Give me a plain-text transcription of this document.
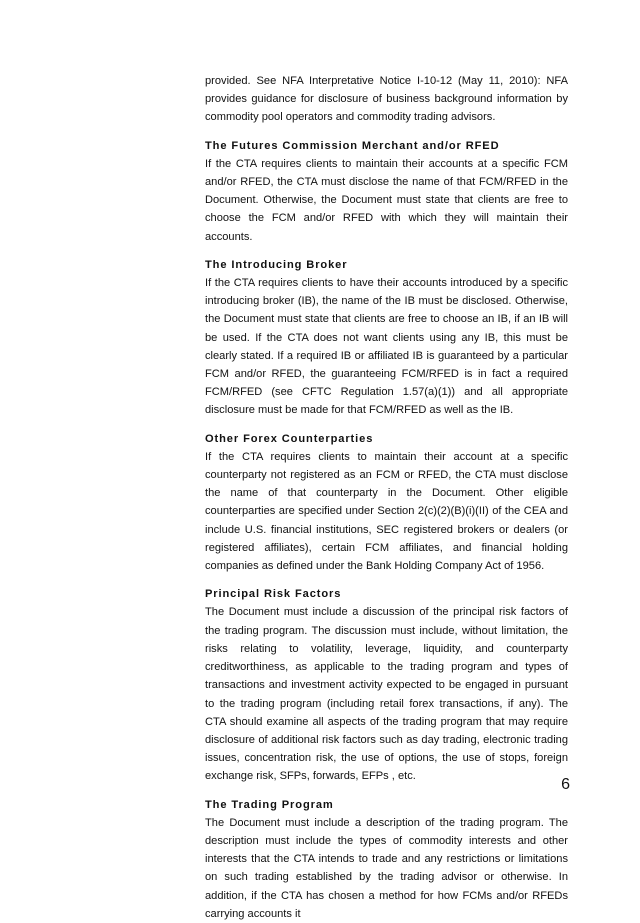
provided. See NFA Interpretative Notice I-10-12 (May 11, 2010): NFA provides guidance for disclosure of business background information by commodity pool operators and commodity trading advisors.

The Futures Commission Merchant and/or RFED

If the CTA requires clients to maintain their accounts at a specific FCM and/or RFED, the CTA must disclose the name of that FCM/RFED in the Document. Otherwise, the Document must state that clients are free to choose the FCM and/or RFED with which they will maintain their accounts.

The Introducing Broker

If the CTA requires clients to have their accounts introduced by a specific introducing broker (IB), the name of the IB must be disclosed. Otherwise, the Document must state that clients are free to choose an IB, if an IB will be used. If the CTA does not want clients using any IB, this must be clearly stated. If a required IB or affiliated IB is guaranteed by a particular FCM and/or RFED, the guaranteeing FCM/RFED is in fact a required FCM/RFED (see CFTC Regulation 1.57(a)(1)) and all appropriate disclosure must be made for that FCM/RFED as well as the IB.

Other Forex Counterparties

If the CTA requires clients to maintain their account at a specific counterparty not registered as an FCM or RFED, the CTA must disclose the name of that counterparty in the Document. Other eligible counterparties are specified under Section 2(c)(2)(B)(i)(II) of the CEA and include U.S. financial institutions, SEC registered brokers or dealers (or registered affiliates), certain FCM affiliates, and financial holding companies as defined under the Bank Holding Company Act of 1956.

Principal Risk Factors

The Document must include a discussion of the principal risk factors of the trading program. The discussion must include, without limitation, the risks relating to volatility, leverage, liquidity, and counterparty creditworthiness, as applicable to the trading program and types of transactions and investment activity expected to be engaged in pursuant to the trading program (including retail forex transactions, if any). The CTA should examine all aspects of the trading program that may require disclosure of additional risk factors such as day trading, electronic trading issues, concentration risk, the use of options, the use of stops, foreign exchange risk, SFPs, forwards, EFPs , etc.

The Trading Program

The Document must include a description of the trading program. The description must include the types of commodity interests and other interests that the CTA intends to trade and any restrictions or limitations on such trading established by the trading advisor or otherwise. In addition, if the CTA has chosen a method for how FCMs and/or RFEDs carrying accounts it

6
